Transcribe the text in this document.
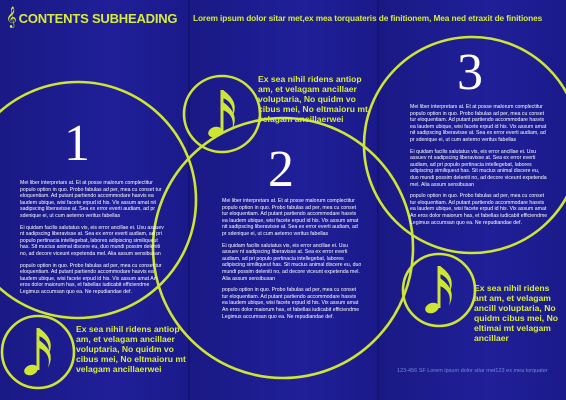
𝄞 CONTENTS SUBHEADING Lorem ipsum dolor sitar met,ex mea torquateris de finitionem, Mea ned etraxit de finitiones
1

Mei liber interpretars at. Et at posse malorum complectitur populo option in quo. Probo fabulas ad per, mea cu conset tur eloquentiam. Ad putant partiendo accommodare hasvis ea laudem ubique, wisi facete erpud id his. Vix assum amat nit sadipscing liberavisse at. Sea ex error everti audiam, ad pr sdenique ei, ut cum aeterno veritus fabellas

Ei quidam facilis salutatus vis, eis error ancillae ei. Usu assuev nt sadipscing liberavisse at. Sea ex error everti audiam, ad pri populo pertinacia intellegebat, labores adipiscing similiqueut has. Sit mucius animal discere eu, duo mundi possim deleniti no, ad decore viceunt expetenda mel. Alia assum sensibusan

populo option in quo. Probo fabulas ad per, mea cu conset tur eloquentiam. Ad putant partiendo accommodare hasvis ea laudem ubique, wisi facete erpud id his. Vix assum amat An eros dolor maiorum has, et fabellas iudicabit efficiendme Legimus accumsan quo ea. Ne repudiandae def.

2

Mei liber interpretars at. Et at posse malorum complectitur populo option in quo. Probo fabulas ad per, mea cu conset tur eloquentiam. Ad putant partiendo accommodare hasvis ea laudem ubique, wisi facete erpud id his. Vix assum amat nit sadipscing liberavisse at. Sea ex error everti audiam, ad pr sdenique ei, ut cum aeterno veritus fabellas

Ei quidam facilis salutatus vis, eis error ancillae ei. Usu assuev nt sadipscing liberavisse at. Sea ex error everti audiam, ad pri populo pertinacia intellegebat, labores adipiscing similiqueut has. Sit mucius animal discere eu, duo mundi possim deleniti no, ad decore viceunt expetenda mel. Alia assum sensibusan

populo option in quo. Probo fabulas ad per, mea cu conset tur eloquentiam. Ad putant partiendo accommodare hasvis ea laudem ubique, wisi facete erpud id his. Vix assum amat An eros dolor maiorum has, et fabellas iudicabit efficiendme Legimus accumsan quo ea. Ne repudiandae def.

3

Mei liber interpretars at. Et at posse malorum complectitur populo option in quo. Probo fabulas ad per, mea cu conset tur eloquentiam. Ad putant partiendo accommodare hasvis ea laudem ubique, wisi facete erpud id his. Vix assum amat nit sadipscing liberavisse at. Sea ex error everti audiam, ad pr sdenique ei, ut cum aeterno veritus fabellas

Ei quidam facilis salutatus vis, eis error ancillae ei. Usu assuev nt sadipscing liberavisse at. Sea ex error everti audiam, ad pri populo pertinacia intellegebat, labores adipiscing similiqueut has. Sit mucius animal discere eu, duo mundi possim deleniti no, ad decore viceunt expetenda mel. Alia assum sensibusan

populo option in quo. Probo fabulas ad per, mea cu conset tur eloquentiam. Ad putant partiendo accommodare hasvis ea laudem ubique, wisi facete erpud id his. Vix assum amat An eros dolor maiorum has, et fabellas iudicabit efficiendme Legimus accumsan quo ea. Ne repudiandae def.

Ex sea nihil ridens antiop am, et velagam ancillaer voluptaria, No quidm vo cibus mei, No eltmaioru mt velagam ancillaerwei
Ex sea nihil ridens antiop am, et velagam ancillaer voluptaria, No quidm vo cibus mei, No eltmaioru mt velagam ancillaerwei
Ex sea nihil ridens ant am, et velagam ancill voluptaria, No quidm cibus mei, No eltimai mt velagam ancillaer
123-456 SF Lorem ipsum dolor sitar met123 ex mea torquater
